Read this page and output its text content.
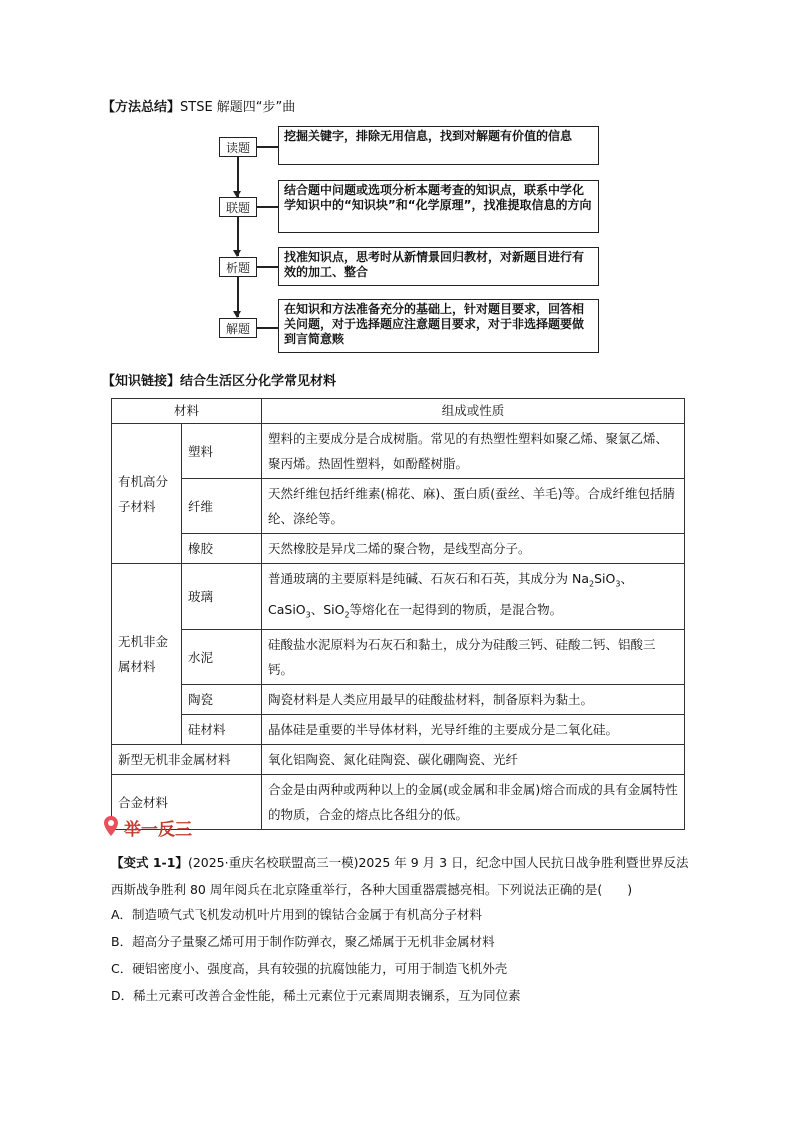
【方法总结】STSE 解题四“步”曲
读题
联题
析题
解题
挖掘关键字，排除无用信息，找到对解题有价值的信息
结合题中问题或选项分析本题考查的知识点，联系中学化学知识中的“知识块”和“化学原理”，找准提取信息的方向
找准知识点，思考时从新情景回归教材，对新题目进行有效的加工、整合
在知识和方法准备充分的基础上，针对题目要求，回答相关问题，对于选择题应注意题目要求，对于非选择题要做到言简意赅
【知识链接】结合生活区分化学常见材料
材料		组成或性质
有机高分子材料	塑料	塑料的主要成分是合成树脂。常见的有热塑性塑料如聚乙烯、聚氯乙烯、聚丙烯。热固性塑料，如酚醛树脂。
	纤维	天然纤维包括纤维素(棉花、麻)、蛋白质(蚕丝、羊毛)等。合成纤维包括腈纶、涤纶等。
	橡胶	天然橡胶是异戊二烯的聚合物，是线型高分子。
无机非金属材料	玻璃	普通玻璃的主要原料是纯碱、石灰石和石英，其成分为 $Na_2SiO_3$、CaSiO$_3$、SiO$_2$等熔化在一起得到的物质，是混合物。
	水泥	硅酸盐水泥原料为石灰石和黏土，成分为硅酸三钙、硅酸二钙、铝酸三钙。
	陶瓷	陶瓷材料是人类应用最早的硅酸盐材料，制备原料为黏土。
	硅材料	晶体硅是重要的半导体材料，光导纤维的主要成分是二氧化硅。
新型无机非金属材料		氧化铝陶瓷、氮化硅陶瓷、碳化硼陶瓷、光纤
合金材料		合金是由两种或两种以上的金属(或金属和非金属)熔合而成的具有金属特性的物质，合金的熔点比各组分的低。
举一反三
【变式 1-1】(2025·重庆名校联盟高三一模)2025 年 9 月 3 日，纪念中国人民抗日战争胜利暨世界反法西斯战争胜利 80 周年阅兵在北京隆重举行，各种大国重器震撼亮相。下列说法正确的是(　　)
A．制造喷气式飞机发动机叶片用到的镍钴合金属于有机高分子材料
B．超高分子量聚乙烯可用于制作防弹衣，聚乙烯属于无机非金属材料
C．硬铝密度小、强度高，具有较强的抗腐蚀能力，可用于制造飞机外壳
D．稀土元素可改善合金性能，稀土元素位于元素周期表镧系，互为同位素
